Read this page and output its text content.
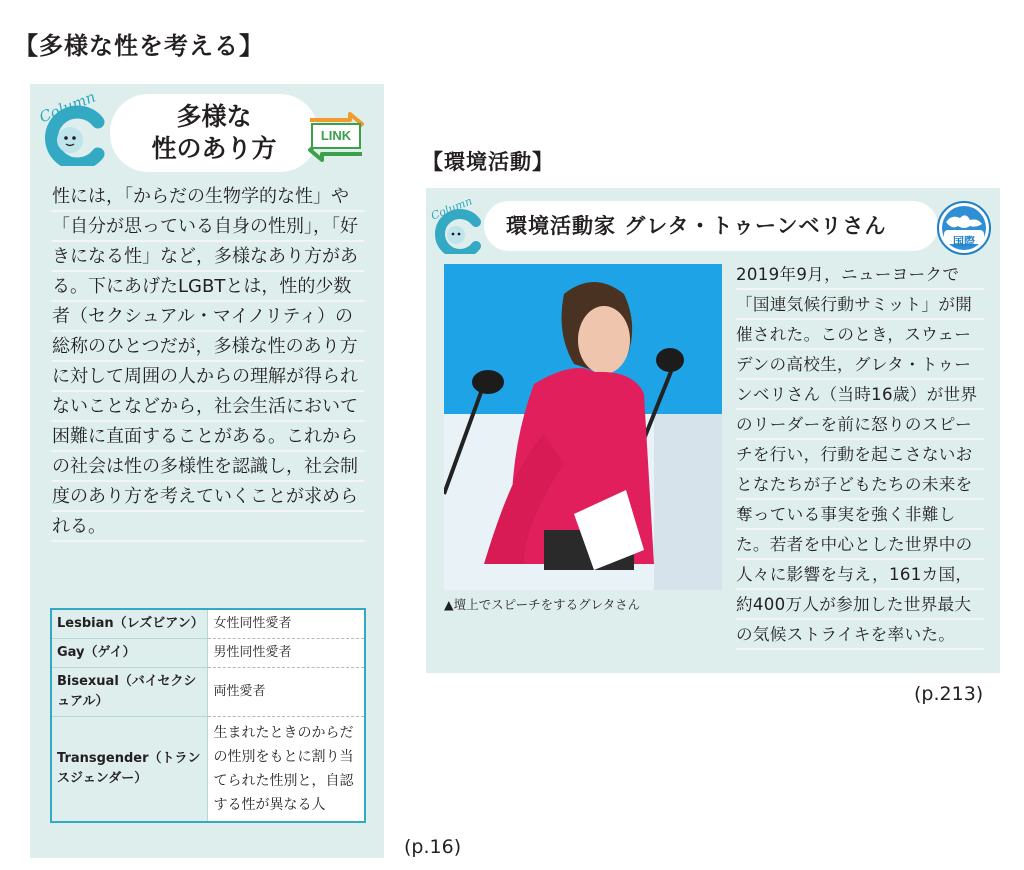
【多様な性を考える】
Column	多様な
性のあり方	LINK

性には，「からだの生物学的な性」や「自分が思っている自身の性別」，「好きになる性」など，多様なあり方がある。下にあげたLGBTとは，性的少数者（セクシュアル・マイノリティ）の総称のひとつだが，多様な性のあり方に対して周囲の人からの理解が得られないことなどから，社会生活において困難に直面することがある。これからの社会は性の多様性を認識し，社会制度のあり方を考えていくことが求められる。

Lesbian（レズビアン）	女性同性愛者
Gay（ゲイ）	男性同性愛者
Bisexual（バイセクシュアル）	両性愛者
Transgender（トランスジェンダー）	生まれたときのからだの性別をもとに割り当てられた性別と，自認する性が異なる人
(p.16)
【環境活動】
Column
環境活動家 グレタ・トゥーンベリさん
国際
▲壇上でスピーチをするグレタさん

2019年9月，ニューヨークで「国連気候行動サミット」が開催された。このとき，スウェーデンの高校生，グレタ・トゥーンベリさん（当時16歳）が世界のリーダーを前に怒りのスピーチを行い，行動を起こさないおとなたちが子どもたちの未来を奪っている事実を強く非難した。若者を中心とした世界中の人々に影響を与え，161カ国，約400万人が参加した世界最大の気候ストライキを率いた。

(p.213)
